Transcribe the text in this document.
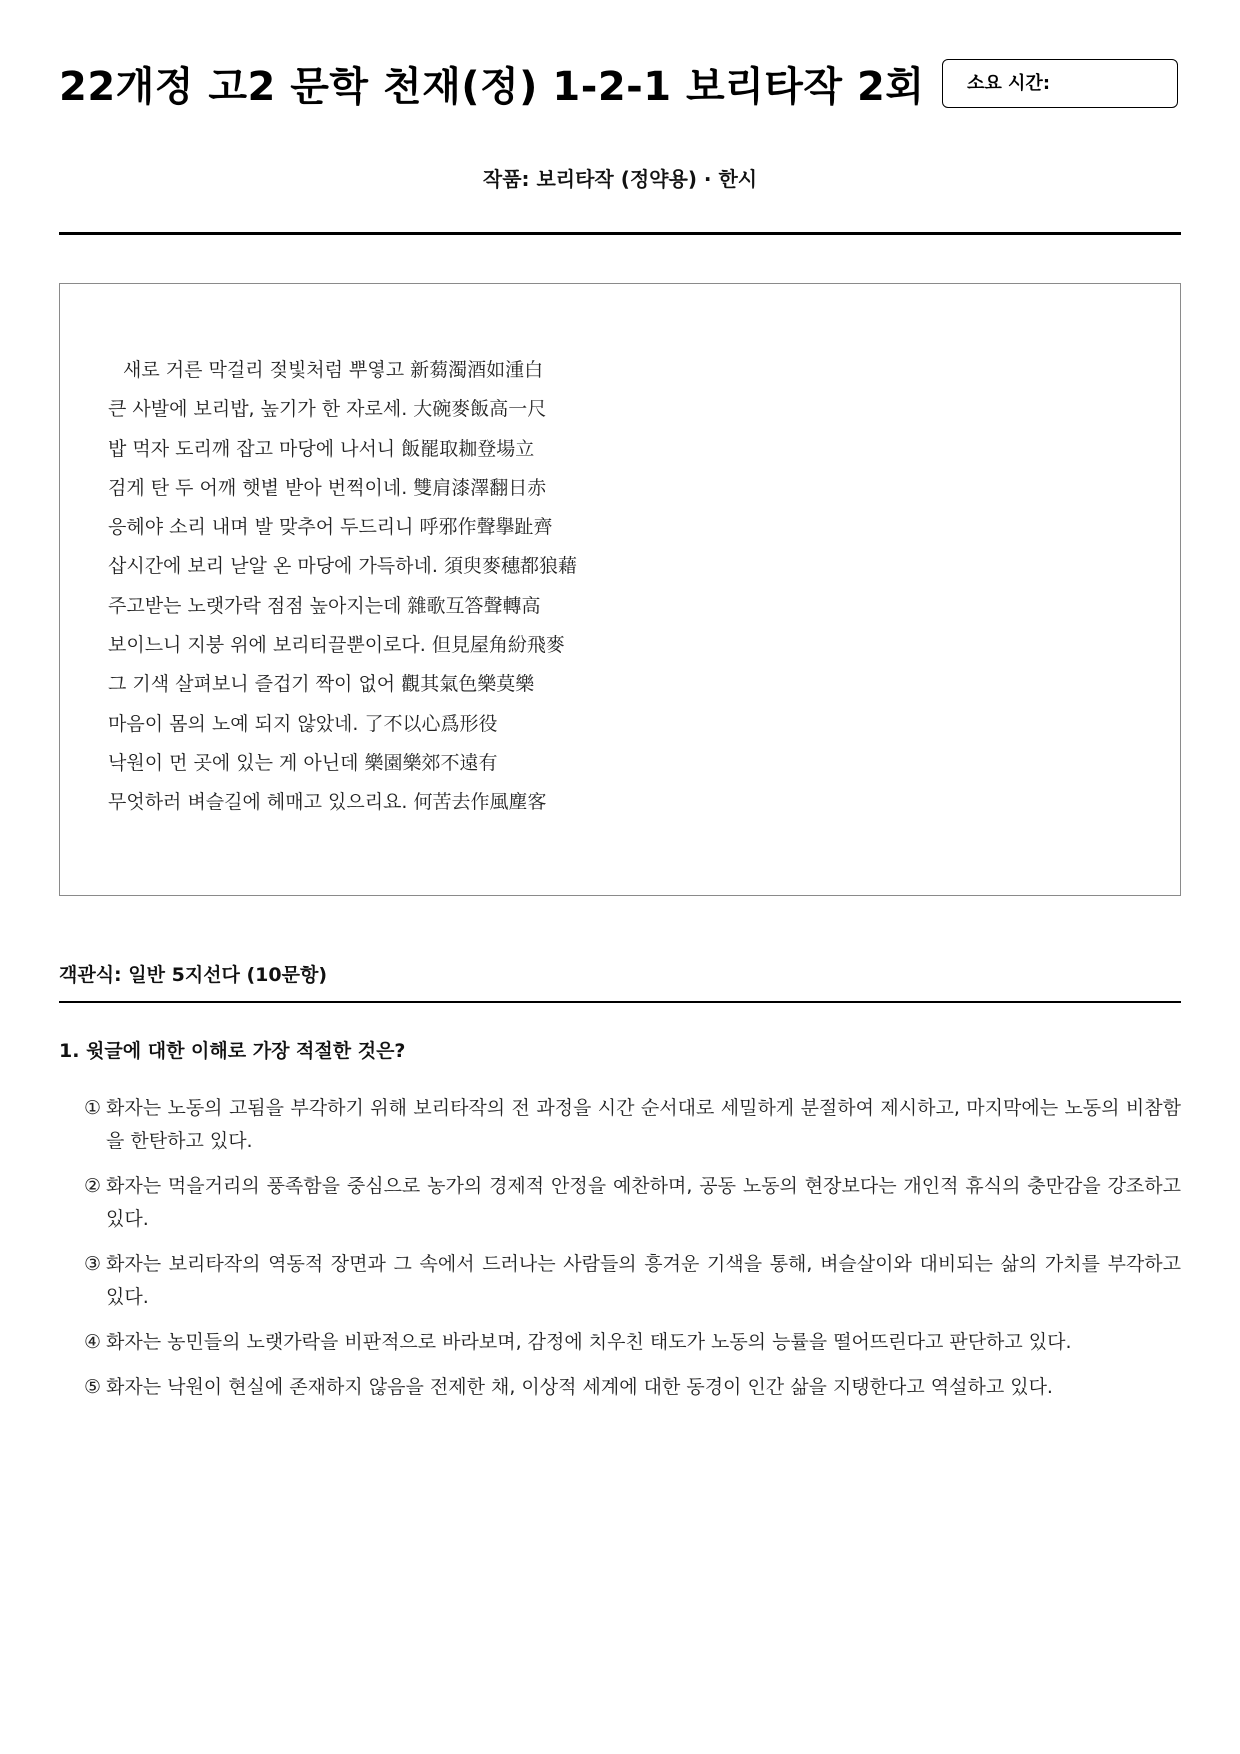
22개정 고2 문학 천재(정) 1-2-1 보리타작 2회 소요 시간:
작품: 보리타작 (정약용) · 한시
새로 거른 막걸리 젖빛처럼 뿌옇고 新蒭濁酒如湩白
큰 사발에 보리밥, 높기가 한 자로세. 大碗麥飯高一尺
밥 먹자 도리깨 잡고 마당에 나서니 飯罷取耞登場立
검게 탄 두 어깨 햇볕 받아 번쩍이네. 雙肩漆澤翻日赤
응헤야 소리 내며 발 맞추어 두드리니 呼邪作聲擧趾齊
삽시간에 보리 낟알 온 마당에 가득하네. 須臾麥穗都狼藉
주고받는 노랫가락 점점 높아지는데 雜歌互答聲轉高
보이느니 지붕 위에 보리티끌뿐이로다. 但見屋角紛飛麥
그 기색 살펴보니 즐겁기 짝이 없어 觀其氣色樂莫樂
마음이 몸의 노예 되지 않았네. 了不以心爲形役
낙원이 먼 곳에 있는 게 아닌데 樂園樂郊不遠有
무엇하러 벼슬길에 헤매고 있으리요. 何苦去作風塵客
객관식: 일반 5지선다 (10문항)
1. 윗글에 대한 이해로 가장 적절한 것은?
① 화자는 노동의 고됨을 부각하기 위해 보리타작의 전 과정을 시간 순서대로 세밀하게 분절하여 제시하고, 마지막에는 노동의 비참함을 한탄하고 있다.
② 화자는 먹을거리의 풍족함을 중심으로 농가의 경제적 안정을 예찬하며, 공동 노동의 현장보다는 개인적 휴식의 충만감을 강조하고 있다.
③ 화자는 보리타작의 역동적 장면과 그 속에서 드러나는 사람들의 흥겨운 기색을 통해, 벼슬살이와 대비되는 삶의 가치를 부각하고 있다.
④ 화자는 농민들의 노랫가락을 비판적으로 바라보며, 감정에 치우친 태도가 노동의 능률을 떨어뜨린다고 판단하고 있다.
⑤ 화자는 낙원이 현실에 존재하지 않음을 전제한 채, 이상적 세계에 대한 동경이 인간 삶을 지탱한다고 역설하고 있다.
